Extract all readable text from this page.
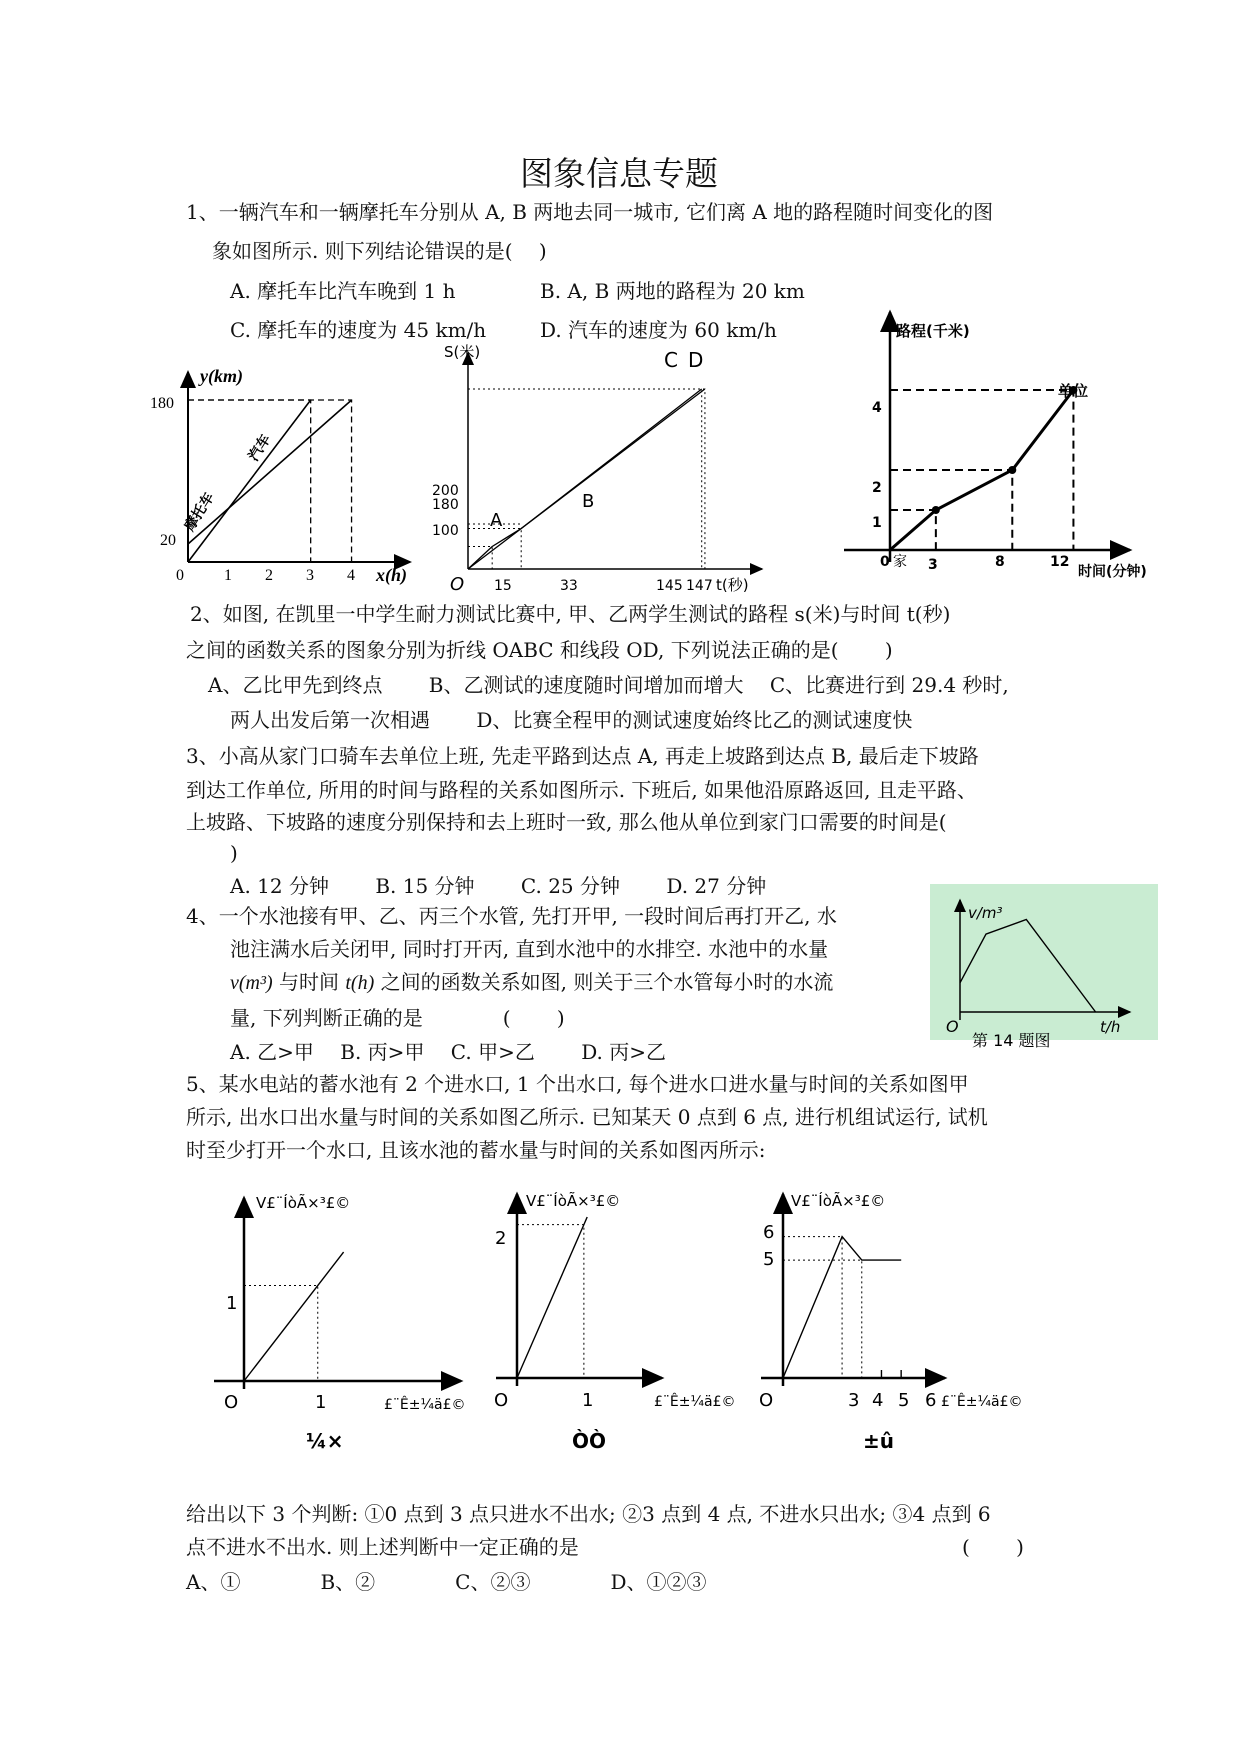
图象信息专题
1、一辆汽车和一辆摩托车分别从 A, B 两地去同一城市, 它们离 A 地的路程随时间变化的图
象如图所示. 则下列结论错误的是(　 )
A. 摩托车比汽车晚到 1 h	B. A, B 两地的路程为 20 km
C. 摩托车的速度为 45 km/h	D. 汽车的速度为 60 km/h
y(km)
x(h)
180
20
0	1 2 3 4
汽车
摩托车
S(米)
t(秒)
O
200
180
100
15	33	145 147
A
B
C D
路程(千米)
时间(分钟)
0 家
单位
4
2
1
3	8	12
2、如图, 在凯里一中学生耐力测试比赛中, 甲、乙两学生测试的路程 s(米)与时间 t(秒)
之间的函数关系的图象分别为折线 OABC 和线段 OD, 下列说法正确的是(　 　)
A、乙比甲先到终点　 　B、乙测试的速度随时间增加而增大　 C、比赛进行到 29.4 秒时,
两人出发后第一次相遇　 　D、比赛全程甲的测试速度始终比乙的测试速度快
3、小高从家门口骑车去单位上班, 先走平路到达点 A, 再走上坡路到达点 B, 最后走下坡路
到达工作单位, 所用的时间与路程的关系如图所示. 下班后, 如果他沿原路返回, 且走平路、
上坡路、下坡路的速度分别保持和去上班时一致, 那么他从单位到家门口需要的时间是(
)
A. 12 分钟　　 B. 15 分钟　　 C. 25 分钟　　 D. 27 分钟
4、一个水池接有甲、乙、丙三个水管, 先打开甲, 一段时间后再打开乙, 水
池注满水后关闭甲, 同时打开丙, 直到水池中的水排空. 水池中的水量
v(m³) 与时间 t(h) 之间的函数关系如图, 则关于三个水管每小时的水流
量, 下列判断正确的是　　　　(　 　)
A. 乙>甲　 B. 丙>甲　 C. 甲>乙　　 D. 丙>乙
v/m³
t/h
O
第 14 题图
5、某水电站的蓄水池有 2 个进水口, 1 个出水口, 每个进水口进水量与时间的关系如图甲
所示, 出水口出水量与时间的关系如图乙所示. 已知某天 0 点到 6 点, 进行机组试运行, 试机
时至少打开一个水口, 且该水池的蓄水量与时间的关系如图丙所示:
V£¨ÍòÃ×³£©
£¨Ê±¼ä£©
O
1
1
¼×
V£¨ÍòÃ×³£©
£¨Ê±¼ä£©
O
2
1
ÒÒ
V£¨ÍòÃ×³£©
£¨Ê±¼ä£©
O
6
5
3 4 5 6
±û
给出以下 3 个判断: ①0 点到 3 点只进水不出水; ②3 点到 4 点, 不进水只出水; ③4 点到 6
点不进水不出水. 则上述判断中一定正确的是	(　 　)
A、①　　　　B、②　　　　C、②③　　　　D、①②③
